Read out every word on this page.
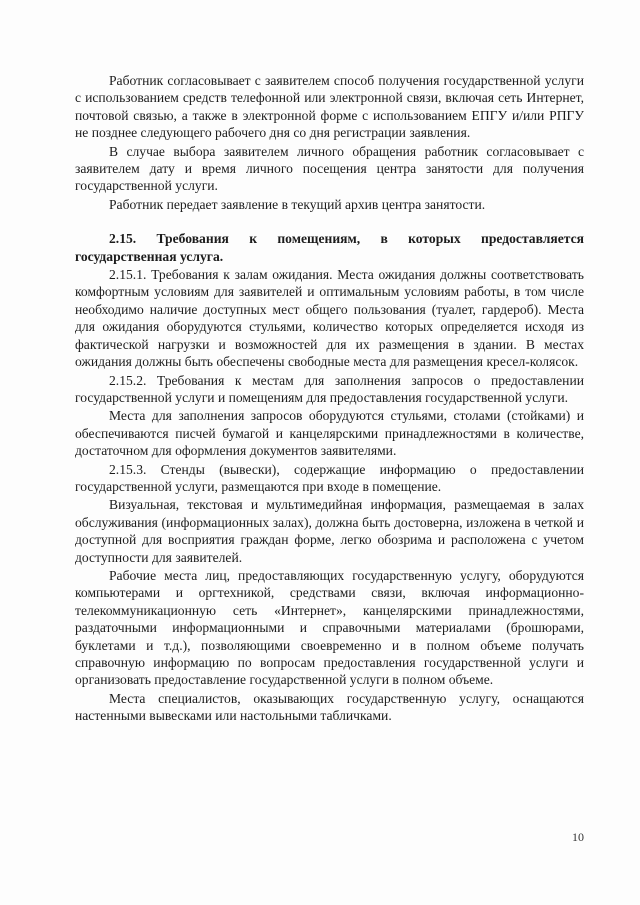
Работник согласовывает с заявителем способ получения государственной услуги с использованием средств телефонной или электронной связи, включая сеть Интернет, почтовой связью, а также в электронной форме с использованием ЕПГУ и/или РПГУ не позднее следующего рабочего дня со дня регистрации заявления.

В случае выбора заявителем личного обращения работник согласовывает с заявителем дату и время личного посещения центра занятости для получения государственной услуги.

Работник передает заявление в текущий архив центра занятости.

2.15. Требования к помещениям, в которых предоставляется государственная услуга.

2.15.1. Требования к залам ожидания. Места ожидания должны соответствовать комфортным условиям для заявителей и оптимальным условиям работы, в том числе необходимо наличие доступных мест общего пользования (туалет, гардероб). Места для ожидания оборудуются стульями, количество которых определяется исходя из фактической нагрузки и возможностей для их размещения в здании. В местах ожидания должны быть обеспечены свободные места для размещения кресел-колясок.

2.15.2. Требования к местам для заполнения запросов о предоставлении государственной услуги и помещениям для предоставления государственной услуги.

Места для заполнения запросов оборудуются стульями, столами (стойками) и обеспечиваются писчей бумагой и канцелярскими принадлежностями в количестве, достаточном для оформления документов заявителями.

2.15.3. Стенды (вывески), содержащие информацию о предоставлении государственной услуги, размещаются при входе в помещение.

Визуальная, текстовая и мультимедийная информация, размещаемая в залах обслуживания (информационных залах), должна быть достоверна, изложена в четкой и доступной для восприятия граждан форме, легко обозрима и расположена с учетом доступности для заявителей.

Рабочие места лиц, предоставляющих государственную услугу, оборудуются компьютерами и оргтехникой, средствами связи, включая информационно-телекоммуникационную сеть «Интернет», канцелярскими принадлежностями, раздаточными информационными и справочными материалами (брошюрами, буклетами и т.д.), позволяющими своевременно и в полном объеме получать справочную информацию по вопросам предоставления государственной услуги и организовать предоставление государственной услуги в полном объеме.

Места специалистов, оказывающих государственную услугу, оснащаются настенными вывесками или настольными табличками.

10
